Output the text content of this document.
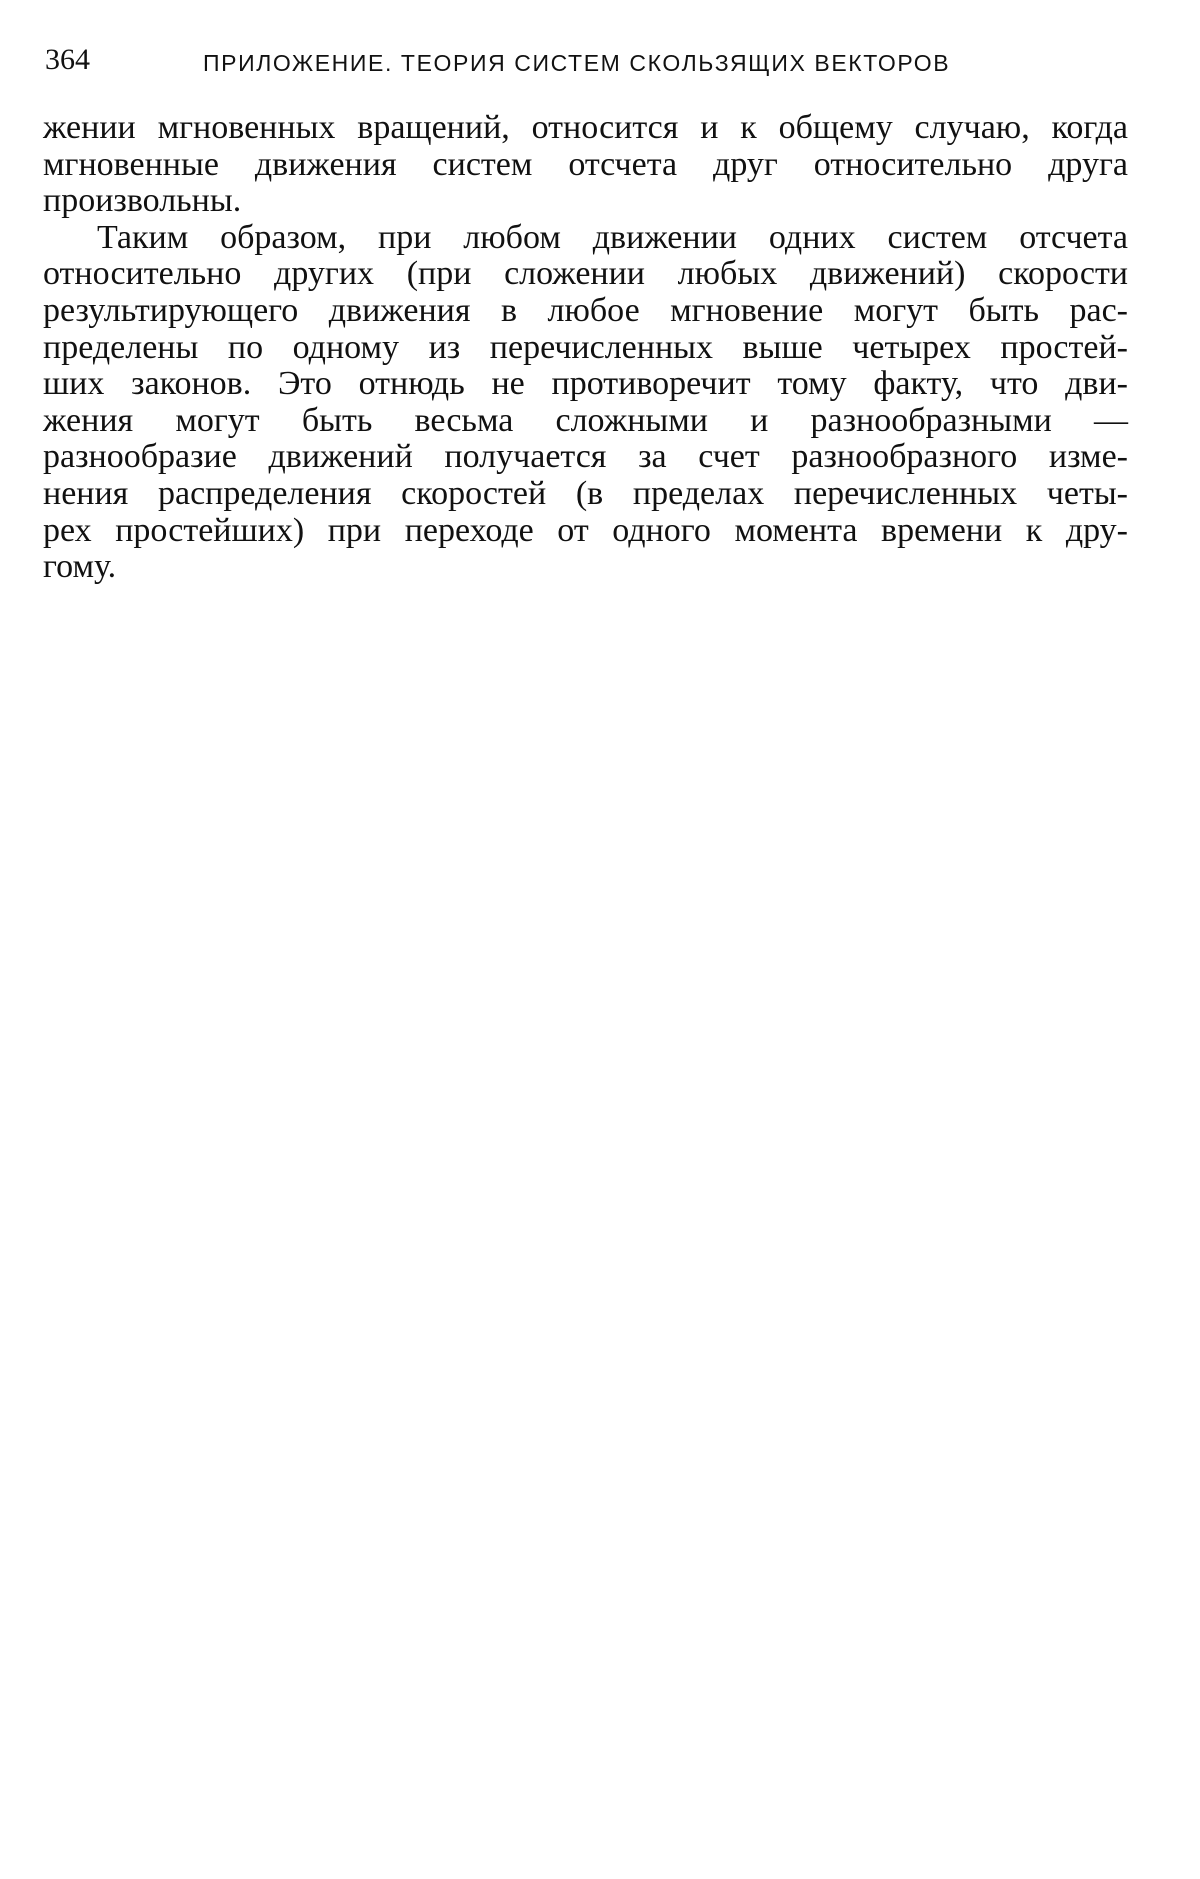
364	ПРИЛОЖЕНИЕ. ТЕОРИЯ СИСТЕМ СКОЛЬЗЯЩИХ ВЕКТОРОВ
жении мгновенных вращений, относится и к общему случаю, когда
мгновенные движения систем отсчета друг относительно друга
произвольны.
Таким образом, при любом движении одних систем отсчета
относительно других (при сложении любых движений) скорости
результирующего движения в любое мгновение могут быть рас-
пределены по одному из перечисленных выше четырех простей-
ших законов. Это отнюдь не противоречит тому факту, что дви-
жения могут быть весьма сложными и разнообразными —
разнообразие движений получается за счет разнообразного изме-
нения распределения скоростей (в пределах перечисленных четы-
рех простейших) при переходе от одного момента времени к дру-
гому.
